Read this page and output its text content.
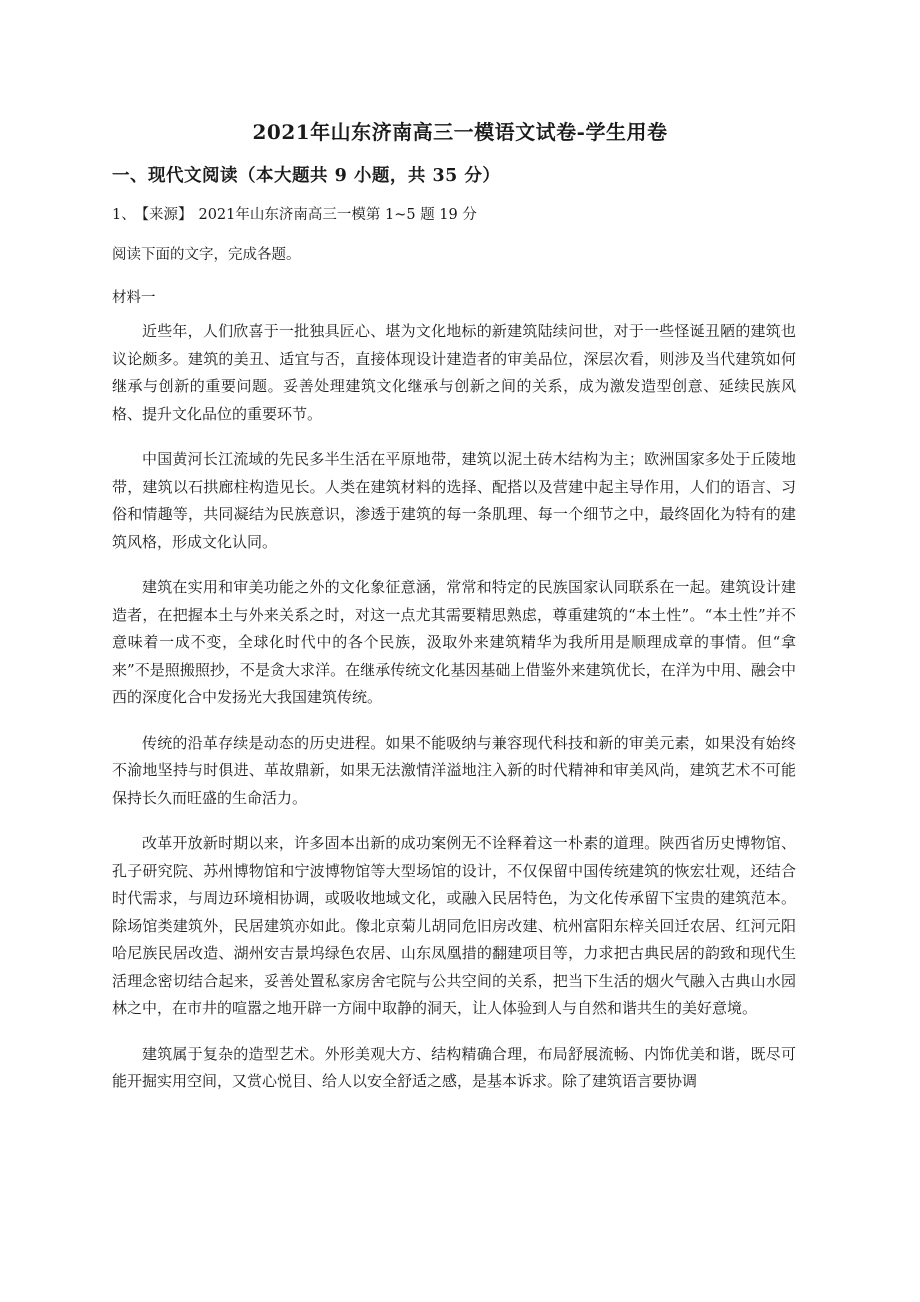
2021年山东济南高三一模语文试卷-学生用卷
一、现代文阅读（本大题共 9 小题，共 35 分）
1、 【来源】 2021年山东济南高三一模第 1~5 题 19 分
阅读下面的文字，完成各题。
材料一

近些年，人们欣喜于一批独具匠心、堪为文化地标的新建筑陆续问世，对于一些怪诞丑陋的建筑也议论颇多。建筑的美丑、适宜与否，直接体现设计建造者的审美品位，深层次看，则涉及当代建筑如何继承与创新的重要问题。妥善处理建筑文化继承与创新之间的关系，成为激发造型创意、延续民族风格、提升文化品位的重要环节。

中国黄河长江流域的先民多半生活在平原地带，建筑以泥土砖木结构为主；欧洲国家多处于丘陵地带，建筑以石拱廊柱构造见长。人类在建筑材料的选择、配搭以及营建中起主导作用，人们的语言、习俗和情趣等，共同凝结为民族意识，渗透于建筑的每一条肌理、每一个细节之中，最终固化为特有的建筑风格，形成文化认同。

建筑在实用和审美功能之外的文化象征意涵，常常和特定的民族国家认同联系在一起。建筑设计建造者，在把握本土与外来关系之时，对这一点尤其需要精思熟虑，尊重建筑的“本土性”。“本土性”并不意味着一成不变，全球化时代中的各个民族，汲取外来建筑精华为我所用是顺理成章的事情。但“拿来”不是照搬照抄，不是贪大求洋。在继承传统文化基因基础上借鉴外来建筑优长，在洋为中用、融会中西的深度化合中发扬光大我国建筑传统。

传统的沿革存续是动态的历史进程。如果不能吸纳与兼容现代科技和新的审美元素，如果没有始终不渝地坚持与时俱进、革故鼎新，如果无法激情洋溢地注入新的时代精神和审美风尚，建筑艺术不可能保持长久而旺盛的生命活力。

改革开放新时期以来，许多固本出新的成功案例无不诠释着这一朴素的道理。陕西省历史博物馆、孔子研究院、苏州博物馆和宁波博物馆等大型场馆的设计，不仅保留中国传统建筑的恢宏壮观，还结合时代需求，与周边环境相协调，或吸收地域文化，或融入民居特色，为文化传承留下宝贵的建筑范本。除场馆类建筑外，民居建筑亦如此。像北京菊儿胡同危旧房改建、杭州富阳东梓关回迁农居、红河元阳哈尼族民居改造、湖州安吉景坞绿色农居、山东凤凰措的翻建项目等，力求把古典民居的韵致和现代生活理念密切结合起来，妥善处置私家房舍宅院与公共空间的关系，把当下生活的烟火气融入古典山水园林之中，在市井的喧嚣之地开辟一方闹中取静的洞天，让人体验到人与自然和谐共生的美好意境。

建筑属于复杂的造型艺术。外形美观大方、结构精确合理，布局舒展流畅、内饰优美和谐，既尽可能开掘实用空间，又赏心悦目、给人以安全舒适之感，是基本诉求。除了建筑语言要协调
